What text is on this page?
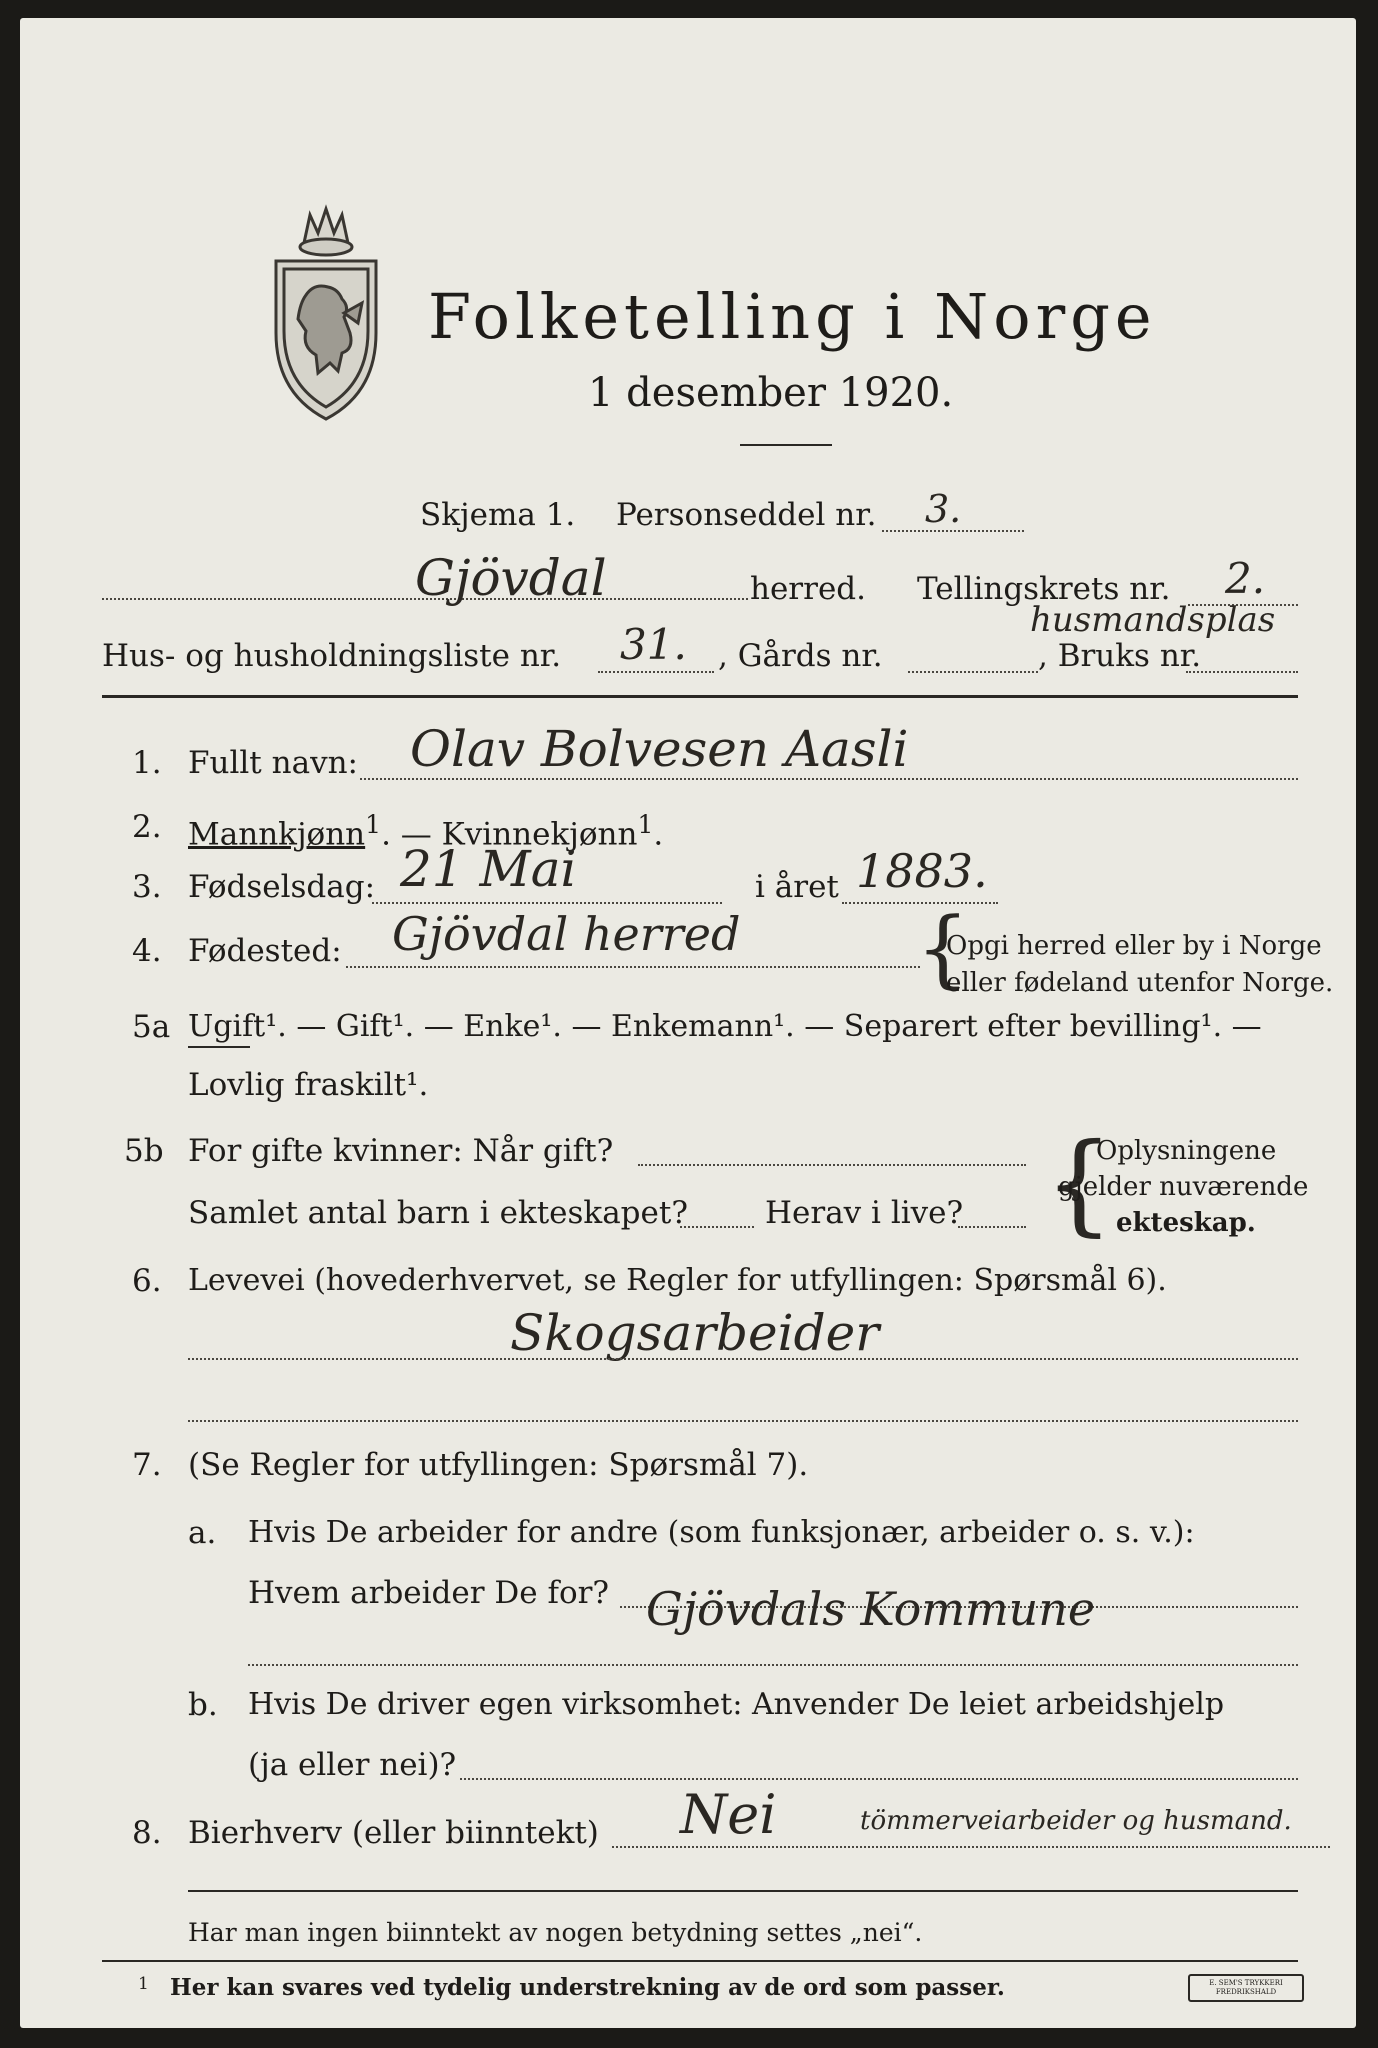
Folketelling i Norge
1 desember 1920.
Skjema 1. Personseddel nr. 3.
Gjövdal	herred. Tellingskrets nr. 2.
husmandsplas
Hus- og husholdningsliste nr. 31. , Gårds nr.	, Bruks nr.
1. Fullt navn: Olav Bolvesen Aasli
2. Mannkjønn$^1$. — Kvinnekjønn$^1$.
3. Fødselsdag: 21 Mai	i året 1883.
4. Fødested: Gjövdal herred {
Opgi herred eller by i Norge
eller fødeland utenfor Norge.
5a Ugift¹. — Gift¹. — Enke¹. — Enkemann¹. — Separert efter bevilling¹. —
Lovlig fraskilt¹.
5b For gifte kvinner: Når gift?
Samlet antal barn i ekteskapet? Herav i live? {
Oplysningene
gjelder nuværende
ekteskap.
6. Levevei (hovederhvervet, se Regler for utfyllingen: Spørsmål 6).
Skogsarbeider
7. (Se Regler for utfyllingen: Spørsmål 7).
a. Hvis De arbeider for andre (som funksjonær, arbeider o. s. v.):
Hvem arbeider De for? Gjövdals Kommune
b. Hvis De driver egen virksomhet: Anvender De leiet arbeidshjelp
(ja eller nei)?
8. Bierhverv (eller biinntekt) Nei	tömmerveiarbeider og husmand.
Har man ingen biinntekt av nogen betydning settes „nei“.
1 Her kan svares ved tydelig understrekning av de ord som passer.	E. SEM'S TRYKKERI FREDRIKSHALD
